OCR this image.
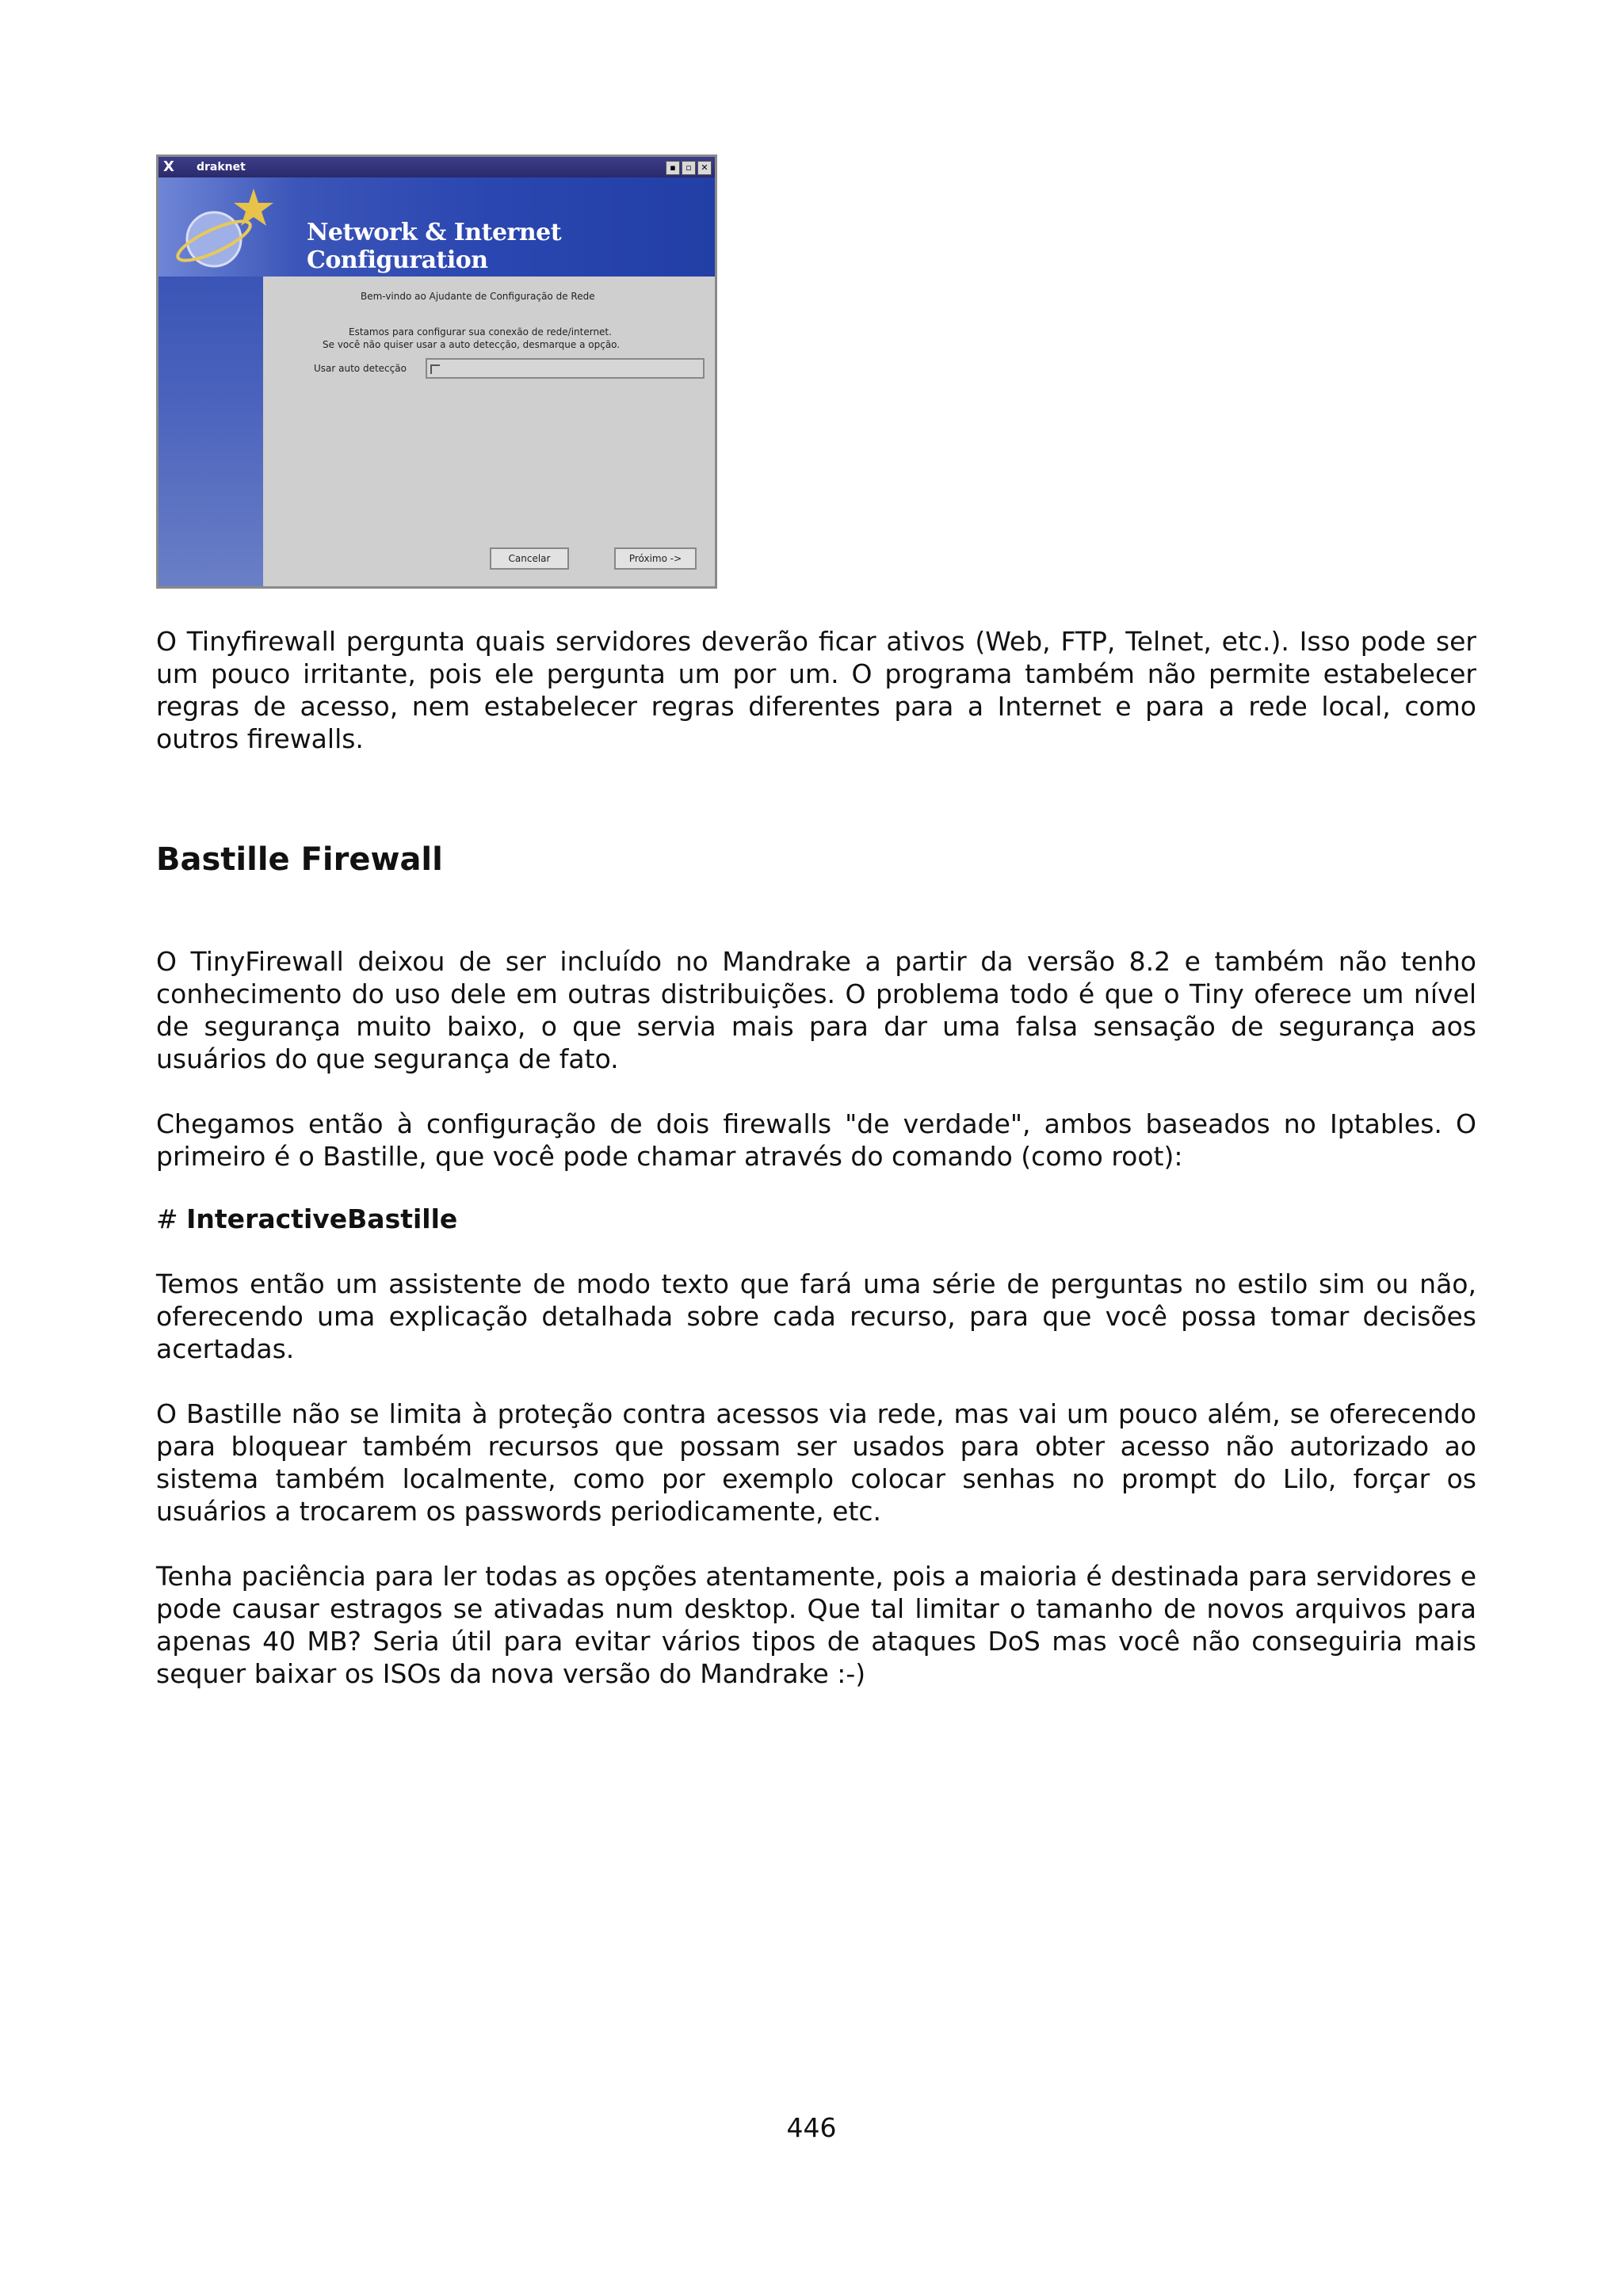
X draknet	▪	▫	✕
Network & Internet Configuration
Bem-vindo ao Ajudante de Configuração de Rede
Estamos para configurar sua conexão de rede/internet.
Se você não quiser usar a auto detecção, desmarque a opção.
Usar auto detecção
Cancelar	Próximo ->

O Tinyfirewall pergunta quais servidores deverão ficar ativos (Web, FTP, Telnet, etc.). Isso pode ser um pouco irritante, pois ele pergunta um por um. O programa também não permite estabelecer regras de acesso, nem estabelecer regras diferentes para a Internet e para a rede local, como outros firewalls.

Bastille Firewall

O TinyFirewall deixou de ser incluído no Mandrake a partir da versão 8.2 e também não tenho conhecimento do uso dele em outras distribuições. O problema todo é que o Tiny oferece um nível de segurança muito baixo, o que servia mais para dar uma falsa sensação de segurança aos usuários do que segurança de fato.

Chegamos então à configuração de dois firewalls "de verdade", ambos baseados no Iptables. O primeiro é o Bastille, que você pode chamar através do comando (como root):

# InteractiveBastille

Temos então um assistente de modo texto que fará uma série de perguntas no estilo sim ou não, oferecendo uma explicação detalhada sobre cada recurso, para que você possa tomar decisões acertadas.

O Bastille não se limita à proteção contra acessos via rede, mas vai um pouco além, se oferecendo para bloquear também recursos que possam ser usados para obter acesso não autorizado ao sistema também localmente, como por exemplo colocar senhas no prompt do Lilo, forçar os usuários a trocarem os passwords periodicamente, etc.

Tenha paciência para ler todas as opções atentamente, pois a maioria é destinada para servidores e pode causar estragos se ativadas num desktop. Que tal limitar o tamanho de novos arquivos para apenas 40 MB? Seria útil para evitar vários tipos de ataques DoS mas você não conseguiria mais sequer baixar os ISOs da nova versão do Mandrake :-)

446
